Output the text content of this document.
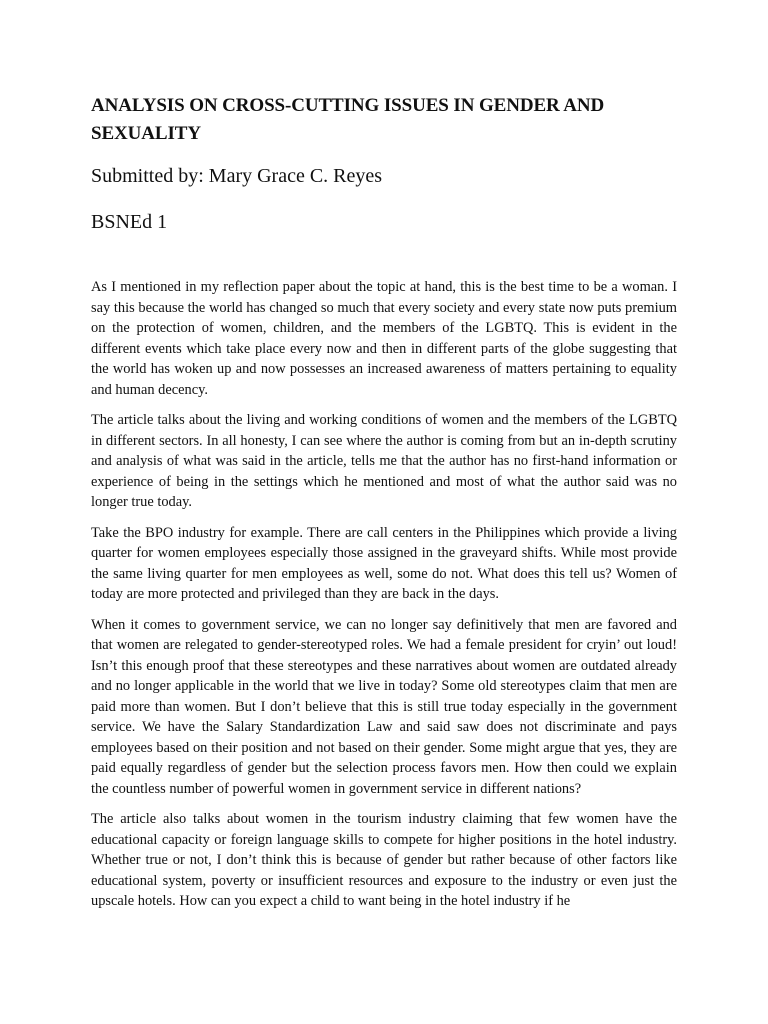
ANALYSIS ON CROSS-CUTTING ISSUES IN GENDER AND SEXUALITY

Submitted by: Mary Grace C. Reyes

BSNEd 1

As I mentioned in my reflection paper about the topic at hand, this is the best time to be a woman. I say this because the world has changed so much that every society and every state now puts premium on the protection of women, children, and the members of the LGBTQ. This is evident in the different events which take place every now and then in different parts of the globe suggesting that the world has woken up and now possesses an increased awareness of matters pertaining to equality and human decency.

The article talks about the living and working conditions of women and the members of the LGBTQ in different sectors. In all honesty, I can see where the author is coming from but an in-depth scrutiny and analysis of what was said in the article, tells me that the author has no first-hand information or experience of being in the settings which he mentioned and most of what the author said was no longer true today.

Take the BPO industry for example. There are call centers in the Philippines which provide a living quarter for women employees especially those assigned in the graveyard shifts. While most provide the same living quarter for men employees as well, some do not. What does this tell us? Women of today are more protected and privileged than they are back in the days.

When it comes to government service, we can no longer say definitively that men are favored and that women are relegated to gender-stereotyped roles. We had a female president for cryin’ out loud! Isn’t this enough proof that these stereotypes and these narratives about women are outdated already and no longer applicable in the world that we live in today? Some old stereotypes claim that men are paid more than women. But I don’t believe that this is still true today especially in the government service. We have the Salary Standardization Law and said saw does not discriminate and pays employees based on their position and not based on their gender. Some might argue that yes, they are paid equally regardless of gender but the selection process favors men. How then could we explain the countless number of powerful women in government service in different nations?

The article also talks about women in the tourism industry claiming that few women have the educational capacity or foreign language skills to compete for higher positions in the hotel industry. Whether true or not, I don’t think this is because of gender but rather because of other factors like educational system, poverty or insufficient resources and exposure to the industry or even just the upscale hotels. How can you expect a child to want being in the hotel industry if he
